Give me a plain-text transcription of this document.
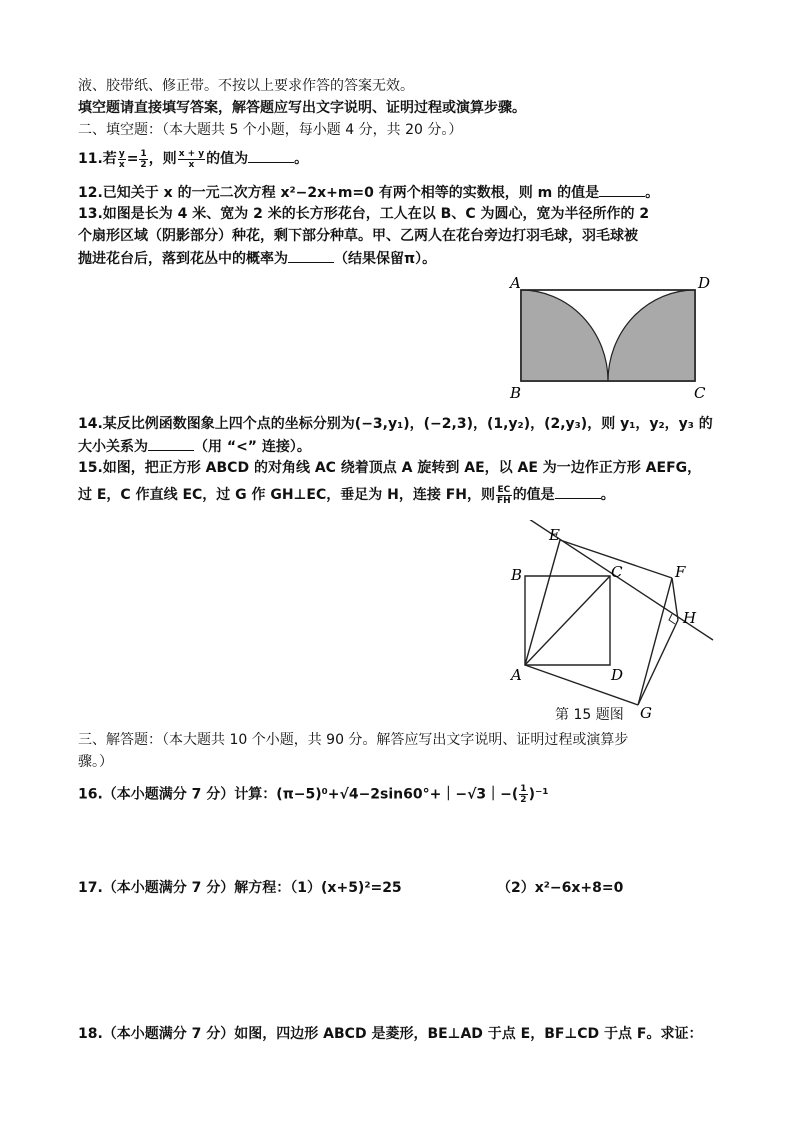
液、胶带纸、修正带。不按以上要求作答的答案无效。
填空题请直接填写答案，解答题应写出文字说明、证明过程或演算步骤。
二、填空题：（本大题共 5 个小题，每小题 4 分，共 20 分。）
11.若 $\frac{y}{x} = \frac{1}{2}$ ，则 $\frac{x + y}{x}$ 的值为	。
12.已知关于 x 的一元二次方程 x²−2x+m=0 有两个相等的实数根，则 m 的值是	。
13.如图是长为 4 米、宽为 2 米的长方形花台，工人在以 B、C 为圆心，宽为半径所作的 2
个扇形区域（阴影部分）种花，剩下部分种草。甲、乙两人在花台旁边打羽毛球，羽毛球被
抛进花台后，落到花丛中的概率为	（结果保留π）。
A	D
B	C
14.某反比例函数图象上四个点的坐标分别为(−3,y₁)，(−2,3)，(1,y₂)，(2,y₃)，则 y₁，y₂，y₃ 的
大小关系为	（用 “<” 连接）。
15.如图，把正方形 ABCD 的对角线 AC 绕着顶点 A 旋转到 AE，以 AE 为一边作正方形 AEFG，
过 E，C 作直线 EC，过 G 作 GH⊥EC，垂足为 H，连接 FH，则 $\frac{EC}{FH}$ 的值是	。
E
B	C	F
H
A	D
G
第 15 题图
三、解答题：（本大题共 10 个小题，共 90 分。解答应写出文字说明、证明过程或演算步
骤。）
16.（本小题满分 7 分）计算：(π−5)⁰+√4−2sin60°+｜−√3｜−( $\frac{1}{2} )^{-1}$
17.（本小题满分 7 分）解方程：（1）(x+5)²=25	（2）x²−6x+8=0
18.（本小题满分 7 分）如图，四边形 ABCD 是菱形，BE⊥AD 于点 E，BF⊥CD 于点 F。求证：
